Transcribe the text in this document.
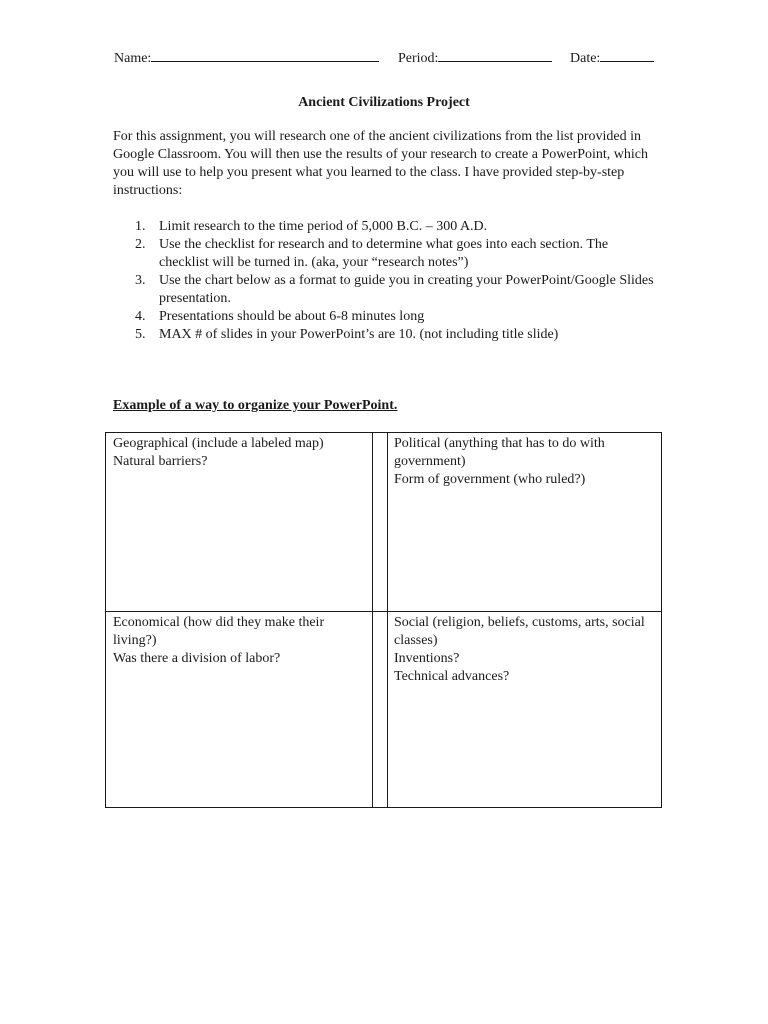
Name:	Period:	Date:
Ancient Civilizations Project

For this assignment, you will research one of the ancient civilizations from the list provided in Google Classroom. You will then use the results of your research to create a PowerPoint, which you will use to help you present what you learned to the class. I have provided step-by-step instructions:

1. Limit research to the time period of 5,000 B.C. – 300 A.D.
2. Use the checklist for research and to determine what goes into each section. The checklist will be turned in. (aka, your “research notes”)
3. Use the chart below as a format to guide you in creating your PowerPoint/Google Slides presentation.
4. Presentations should be about 6-8 minutes long
5. MAX # of slides in your PowerPoint’s are 10. (not including title slide)
Example of a way to organize your PowerPoint.
Geographical (include a labeled map)
Natural barriers?
Political (anything that has to do with government)
Form of government (who ruled?)
Economical (how did they make their living?)
Was there a division of labor?
Social (religion, beliefs, customs, arts, social classes)
Inventions?
Technical advances?
